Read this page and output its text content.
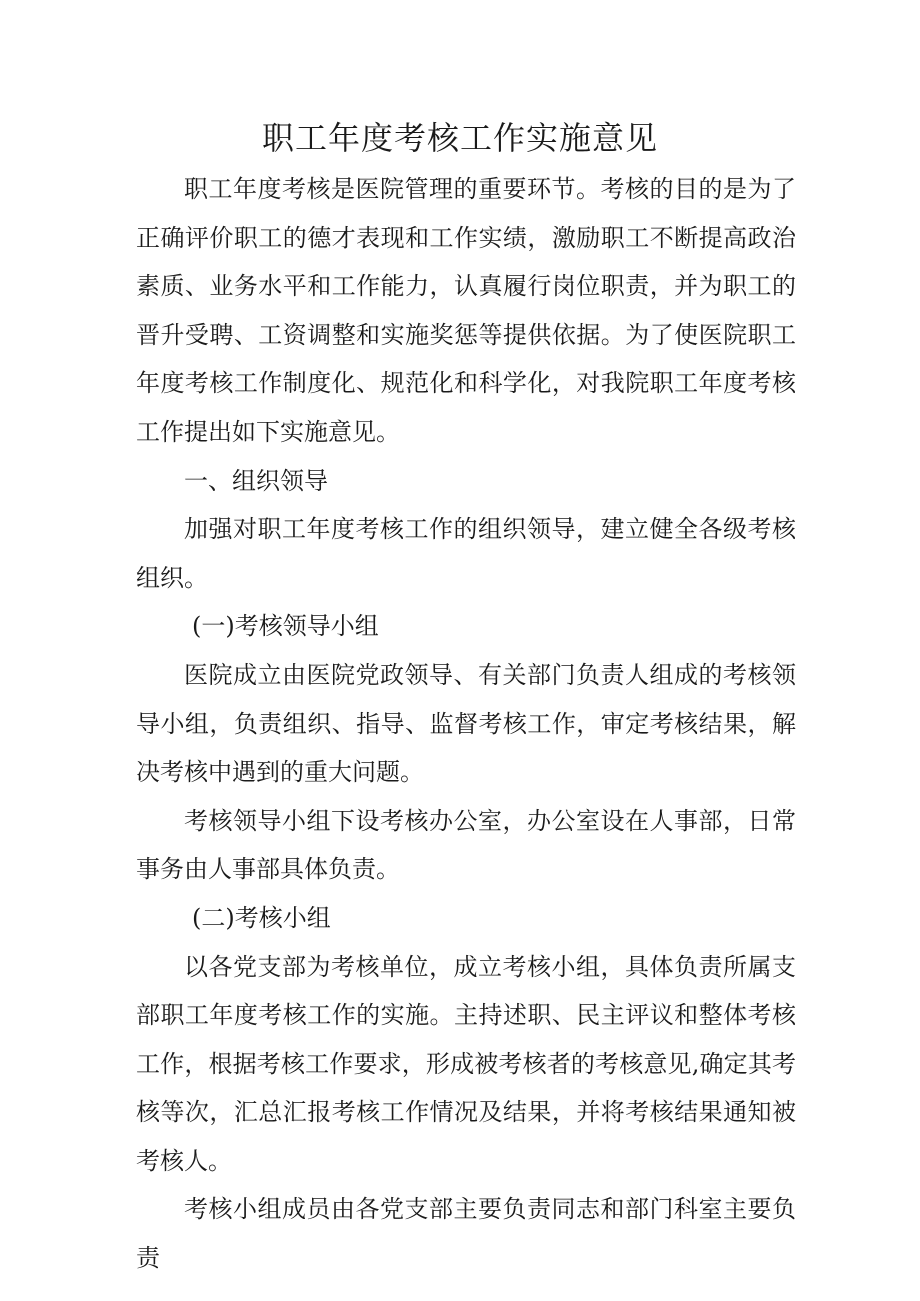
职工年度考核工作实施意见

职工年度考核是医院管理的重要环节。考核的目的是为了正确评价职工的德才表现和工作实绩，激励职工不断提高政治素质、业务水平和工作能力，认真履行岗位职责，并为职工的晋升受聘、工资调整和实施奖惩等提供依据。为了使医院职工年度考核工作制度化、规范化和科学化，对我院职工年度考核工作提出如下实施意见。

一、组织领导

加强对职工年度考核工作的组织领导，建立健全各级考核组织。

(一)考核领导小组

医院成立由医院党政领导、有关部门负责人组成的考核领导小组，负责组织、指导、监督考核工作，审定考核结果，解决考核中遇到的重大问题。

考核领导小组下设考核办公室，办公室设在人事部，日常事务由人事部具体负责。

(二)考核小组

以各党支部为考核单位，成立考核小组，具体负责所属支部职工年度考核工作的实施。主持述职、民主评议和整体考核工作，根据考核工作要求，形成被考核者的考核意见,确定其考核等次，汇总汇报考核工作情况及结果，并将考核结果通知被考核人。

考核小组成员由各党支部主要负责同志和部门科室主要负责
